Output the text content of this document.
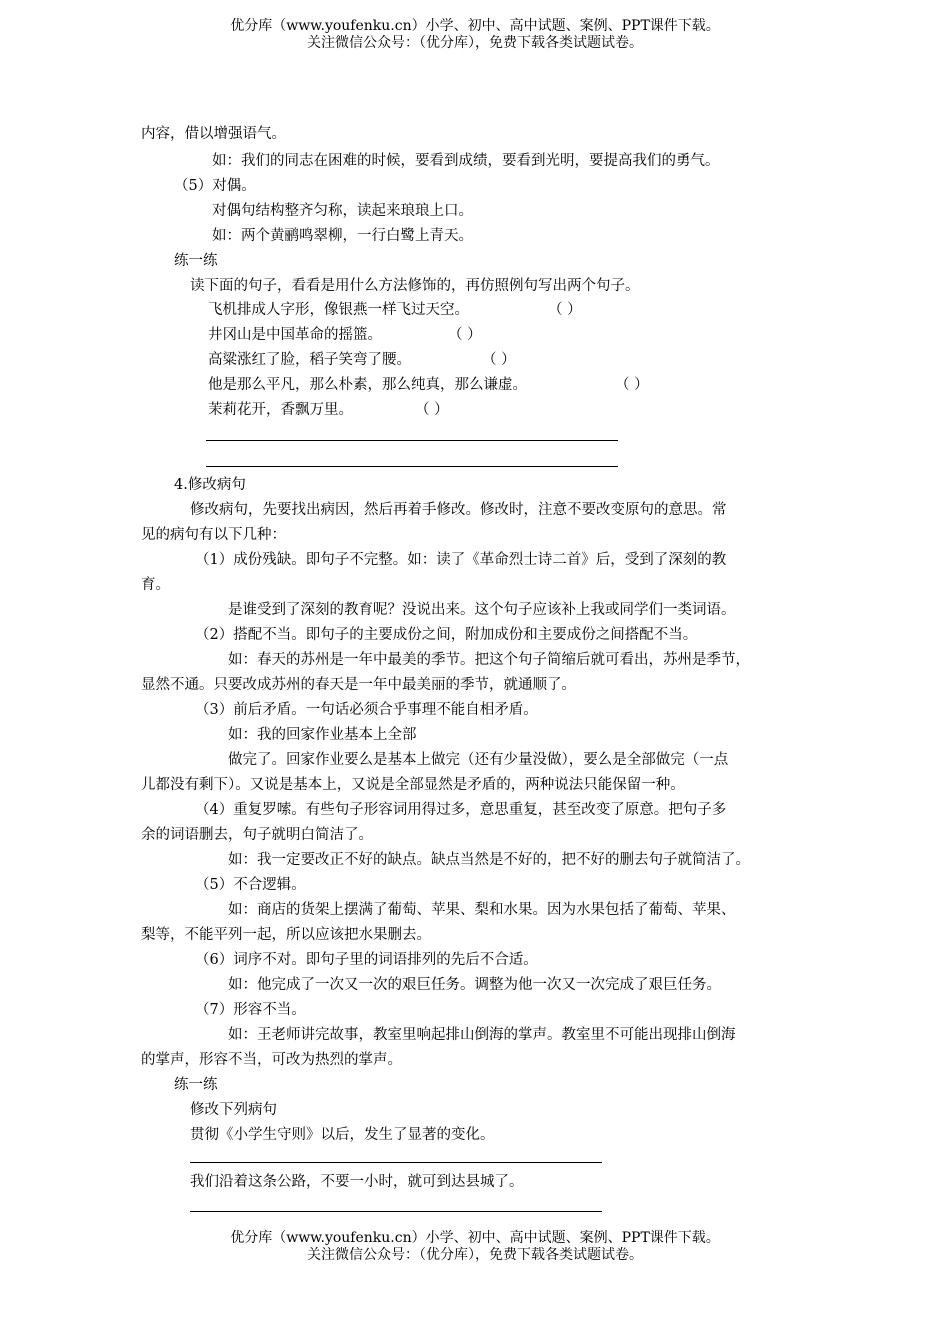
优分库（www.youfenku.cn）小学、初中、高中试题、案例、PPT课件下载。
关注微信公众号：（优分库），免费下载各类试题试卷。
内容，借以增强语气。
如：我们的同志在困难的时候，要看到成绩，要看到光明，要提高我们的勇气。
（5）对偶。
对偶句结构整齐匀称，读起来琅琅上口。
如：两个黄鹂鸣翠柳，一行白鹭上青天。
练一练
读下面的句子，看看是用什么方法修饰的，再仿照例句写出两个句子。
飞机排成人字形，像银燕一样飞过天空。	（ ）
井冈山是中国革命的摇篮。	（ ）
高粱涨红了脸，稻子笑弯了腰。	（ ）
他是那么平凡，那么朴素，那么纯真，那么谦虚。	（ ）
茉莉花开，香飘万里。	（ ）
4.修改病句
修改病句，先要找出病因，然后再着手修改。修改时，注意不要改变原句的意思。常
见的病句有以下几种：
（1）成份残缺。即句子不完整。如：读了《革命烈士诗二首》后，受到了深刻的教
育。
是谁受到了深刻的教育呢？没说出来。这个句子应该补上我或同学们一类词语。
（2）搭配不当。即句子的主要成份之间，附加成份和主要成份之间搭配不当。
如：春天的苏州是一年中最美的季节。把这个句子简缩后就可看出，苏州是季节，
显然不通。只要改成苏州的春天是一年中最美丽的季节，就通顺了。
（3）前后矛盾。一句话必须合乎事理不能自相矛盾。
如：我的回家作业基本上全部
做完了。回家作业要么是基本上做完（还有少量没做），要么是全部做完（一点
儿都没有剩下）。又说是基本上，又说是全部显然是矛盾的，两种说法只能保留一种。
（4）重复罗嗦。有些句子形容词用得过多，意思重复，甚至改变了原意。把句子多
余的词语删去，句子就明白简洁了。
如：我一定要改正不好的缺点。缺点当然是不好的，把不好的删去句子就简洁了。
（5）不合逻辑。
如：商店的货架上摆满了葡萄、苹果、梨和水果。因为水果包括了葡萄、苹果、
梨等，不能平列一起，所以应该把水果删去。
（6）词序不对。即句子里的词语排列的先后不合适。
如：他完成了一次又一次的艰巨任务。调整为他一次又一次完成了艰巨任务。
（7）形容不当。
如：王老师讲完故事，教室里响起排山倒海的掌声。教室里不可能出现排山倒海
的掌声，形容不当，可改为热烈的掌声。
练一练
修改下列病句
贯彻《小学生守则》以后，发生了显著的变化。
我们沿着这条公路，不要一小时，就可到达县城了。
优分库（www.youfenku.cn）小学、初中、高中试题、案例、PPT课件下载。
关注微信公众号：（优分库），免费下载各类试题试卷。
